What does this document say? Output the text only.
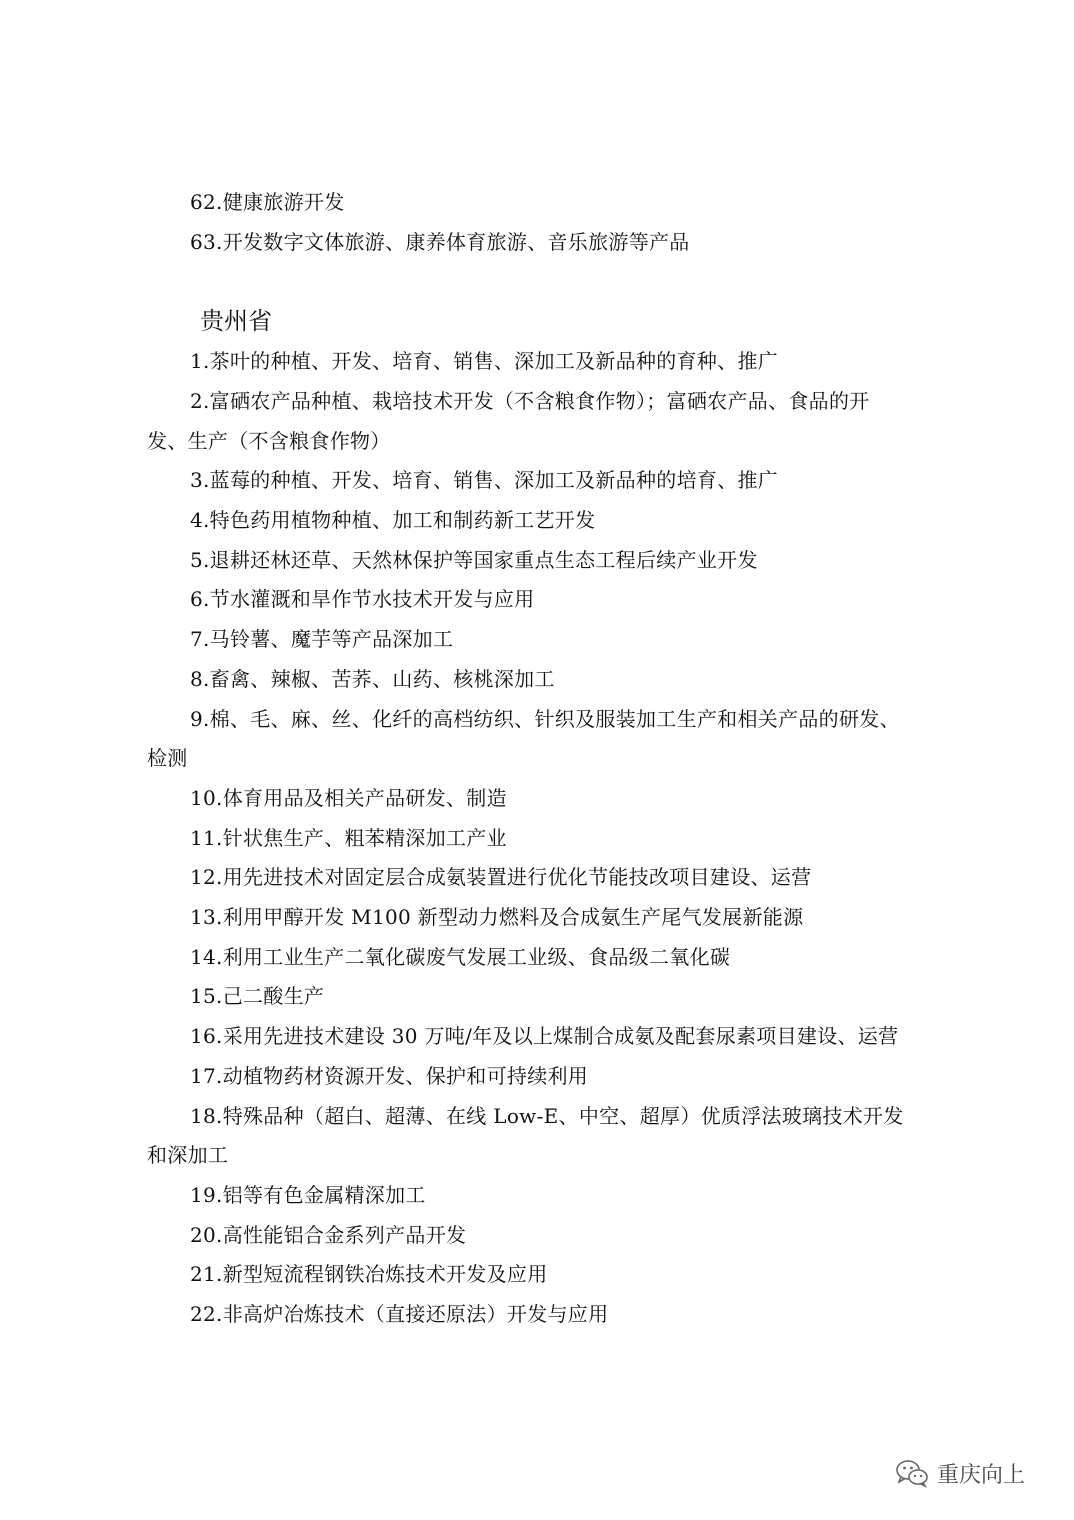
62.健康旅游开发
63.开发数字文体旅游、康养体育旅游、音乐旅游等产品
贵州省
1.茶叶的种植、开发、培育、销售、深加工及新品种的育种、推广
2.富硒农产品种植、栽培技术开发（不含粮食作物）；富硒农产品、食品的开
发、生产（不含粮食作物）
3.蓝莓的种植、开发、培育、销售、深加工及新品种的培育、推广
4.特色药用植物种植、加工和制药新工艺开发
5.退耕还林还草、天然林保护等国家重点生态工程后续产业开发
6.节水灌溉和旱作节水技术开发与应用
7.马铃薯、魔芋等产品深加工
8.畜禽、辣椒、苦荞、山药、核桃深加工
9.棉、毛、麻、丝、化纤的高档纺织、针织及服装加工生产和相关产品的研发、
检测
10.体育用品及相关产品研发、制造
11.针状焦生产、粗苯精深加工产业
12.用先进技术对固定层合成氨装置进行优化节能技改项目建设、运营
13.利用甲醇开发 M100 新型动力燃料及合成氨生产尾气发展新能源
14.利用工业生产二氧化碳废气发展工业级、食品级二氧化碳
15.己二酸生产
16.采用先进技术建设 30 万吨/年及以上煤制合成氨及配套尿素项目建设、运营
17.动植物药材资源开发、保护和可持续利用
18.特殊品种（超白、超薄、在线 Low-E、中空、超厚）优质浮法玻璃技术开发
和深加工
19.铝等有色金属精深加工
20.高性能铝合金系列产品开发
21.新型短流程钢铁冶炼技术开发及应用
22.非高炉冶炼技术（直接还原法）开发与应用
重庆向上
